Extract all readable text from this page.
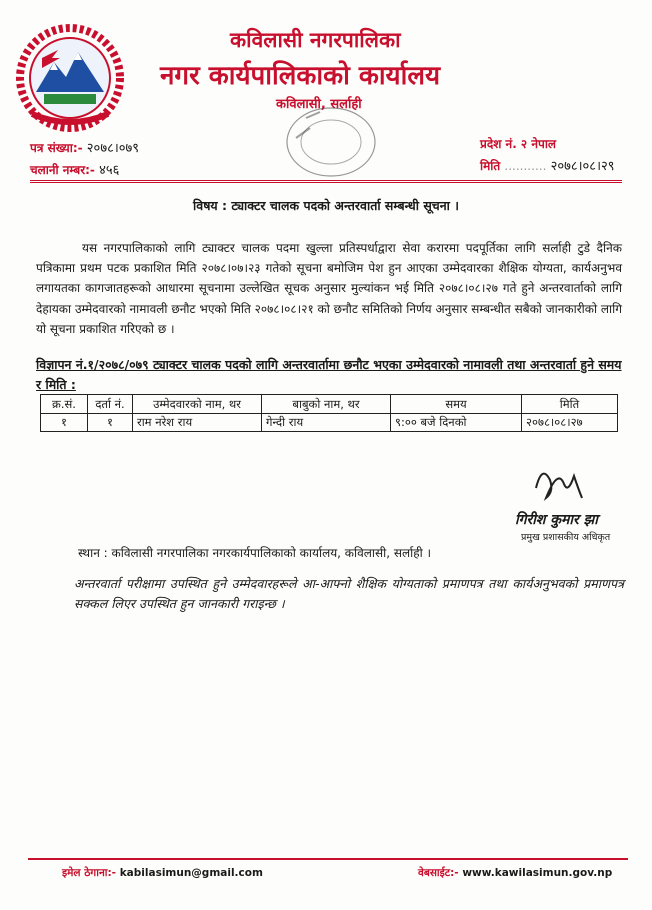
कविलासी नगरपालिका
नगर कार्यपालिकाको कार्यालय
कविलासी, सर्लाही
पत्र संख्या:- २०७८।०७९
चलानी नम्बर:- ४५६
प्रदेश नं. २ नेपाल
मिति ........... २०७८।०८।२९
विषय : ट्याक्टर चालक पदको अन्तरवार्ता सम्बन्धी सूचना ।
यस नगरपालिकाको लागि ट्याक्टर चालक पदमा खुल्ला प्रतिस्पर्धाद्वारा सेवा करारमा पदपूर्तिका लागि सर्लाही टुडे दैनिक पत्रिकामा प्रथम पटक प्रकाशित मिति २०७८।०७।२३ गतेको सूचना बमोजिम पेश हुन आएका उम्मेदवारका शैक्षिक योग्यता, कार्यअनुभव लगायतका कागजातहरूको आधारमा सूचनामा उल्लेखित सूचक अनुसार मुल्यांकन भई मिति २०७८।०८।२७ गते हुने अन्तरवार्ताको लागि देहायका उम्मेदवारको नामावली छनौट भएको मिति २०७८।०८।२१ को छनौट समितिको निर्णय अनुसार सम्बन्धीत सबैको जानकारीको लागि यो सूचना प्रकाशित गरिएको छ ।
विज्ञापन नं.१/२०७८/०७९ ट्याक्टर चालक पदको लागि अन्तरवार्तामा छनौट भएका उम्मेदवारको नामावली तथा अन्तरवार्ता हुने समय र मिति :
क्र.सं.	दर्ता नं.	उम्मेदवारको नाम, थर	बाबुको नाम, थर	समय	मिति
१	१	राम नरेश राय	गेन्दी राय	९:०० बजे दिनको	२०७८।०८।२७
गिरीश कुमार झा
प्रमुख प्रशासकीय अधिकृत
स्थान : कविलासी नगरपालिका नगरकार्यपालिकाको कार्यालय, कविलासी, सर्लाही ।
अन्तरवार्ता परीक्षामा उपस्थित हुने उम्मेदवारहरूले आ-आफ्नो शैक्षिक योग्यताको प्रमाणपत्र तथा कार्यअनुभवको प्रमाणपत्र सक्कल लिएर उपस्थित हुन जानकारी गराइन्छ ।
इमेल ठेगाना:- kabilasimun@gmail.com	वेबसाईट:- www.kawilasimun.gov.np
